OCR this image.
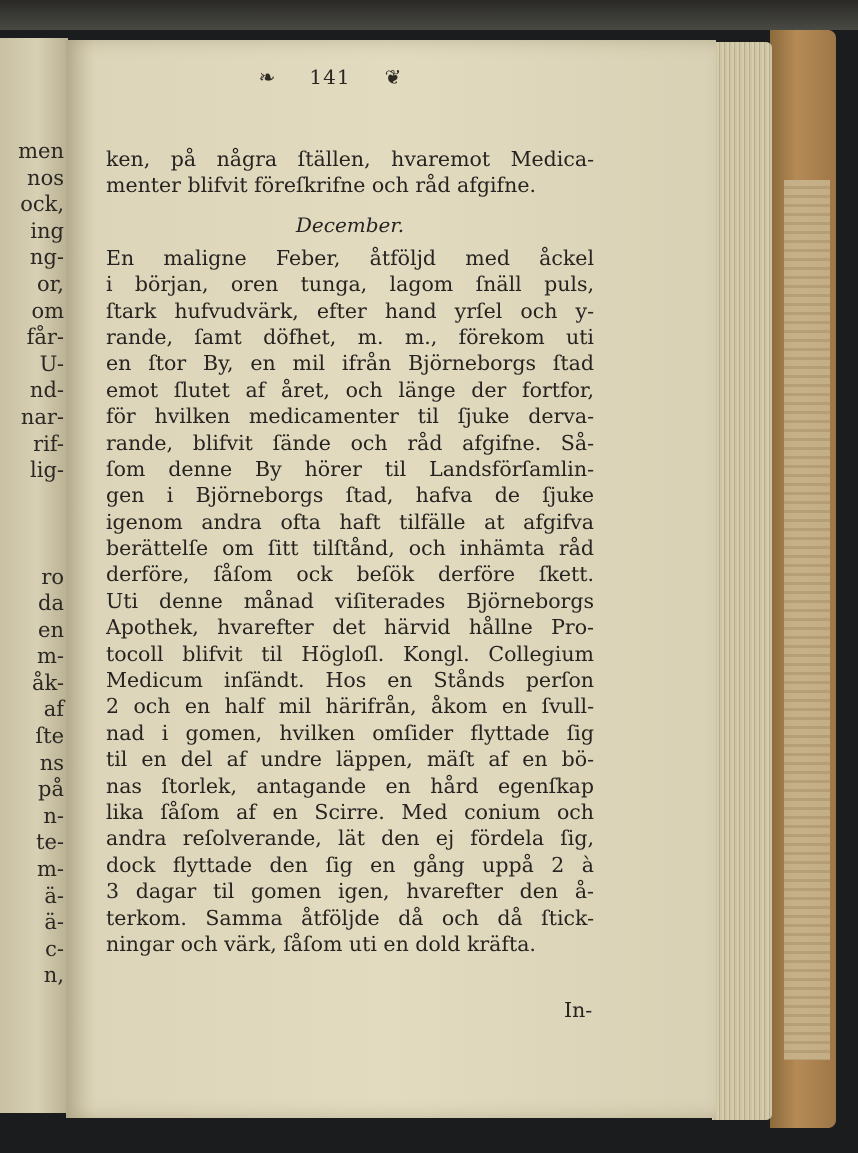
men
nos
ock,
ing
ng-
or,
om
får-
U-
nd-
nar-
rif-
lig-

ro
da
en
m-
åk-
af
ſte
ns
på
n-
te-
m-
ä-
ä-
c-
n,
❧ 141 ❦
ken, på några ſtällen, hvaremot Medica-
menter blifvit föreſkrifne och råd afgifne.
December.
En maligne Feber, åtföljd med åckel
i början, oren tunga, lagom ſnäll puls,
ſtark hufvudvärk, efter hand yrſel och y-
rande, ſamt döfhet, m. m., förekom uti
en ſtor By, en mil ifrån Björneborgs ſtad
emot ſlutet af året, och länge der fortfor,
för hvilken medicamenter til ſjuke derva-
rande, blifvit ſände och råd afgifne. Så-
ſom denne By hörer til Landsförſamlin-
gen i Björneborgs ſtad, hafva de ſjuke
igenom andra ofta haft tilfälle at afgifva
berättelſe om ſitt tilſtånd, och inhämta råd
derföre, ſåſom ock beſök derföre ſkett.
Uti denne månad viſiterades Björneborgs
Apothek, hvarefter det härvid hållne Pro-
tocoll blifvit til Högloſl. Kongl. Collegium
Medicum inſändt. Hos en Stånds perſon
2 och en half mil härifrån, åkom en ſvull-
nad i gomen, hvilken omſider flyttade ſig
til en del af undre läppen, mäſt af en bö-
nas ſtorlek, antagande en hård egenſkap
lika ſåſom af en Scirre. Med conium och
andra reſolverande, lät den ej fördela ſig,
dock flyttade den ſig en gång uppå 2 à
3 dagar til gomen igen, hvarefter den å-
terkom. Samma åtföljde då och då ſtick-
ningar och värk, ſåſom uti en dold kräfta.
In-
